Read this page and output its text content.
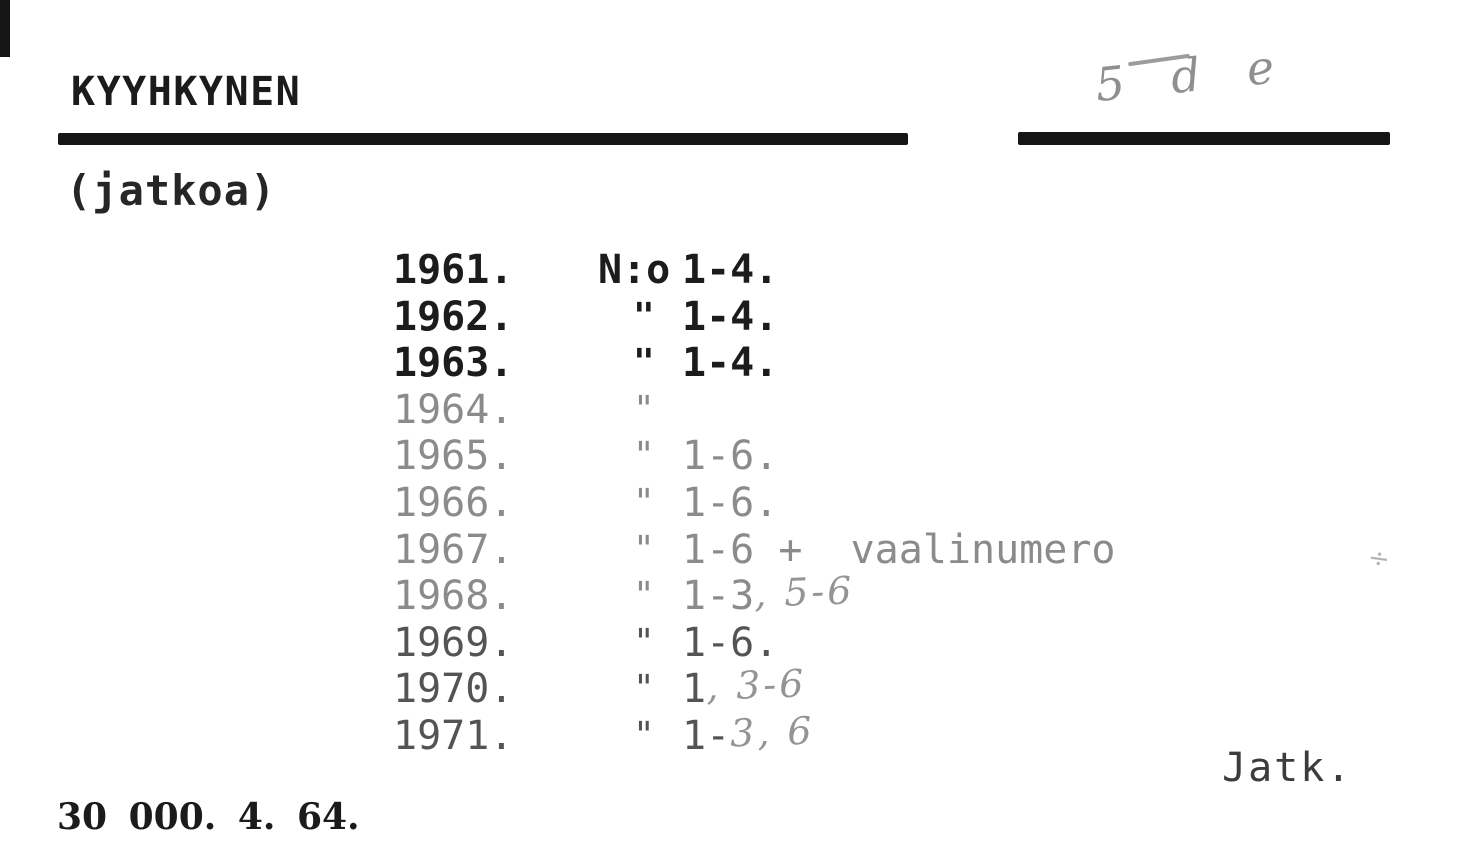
KYYHKYNEN	5 d e
(jatkoa)
1961. N:o 1-4.
1962.	" 1-4.
1963.	" 1-4.
1964.	"
1965.	" 1-6.
1966.	" 1-6.
1967.	" 1-6 +  vaalinumero
1968.	" 1-3, 5-6
1969.	" 1-6.
1970.	" 1, 3-6
1971.	" 1-3, 6
÷
Jatk.
30 000. 4. 64.
